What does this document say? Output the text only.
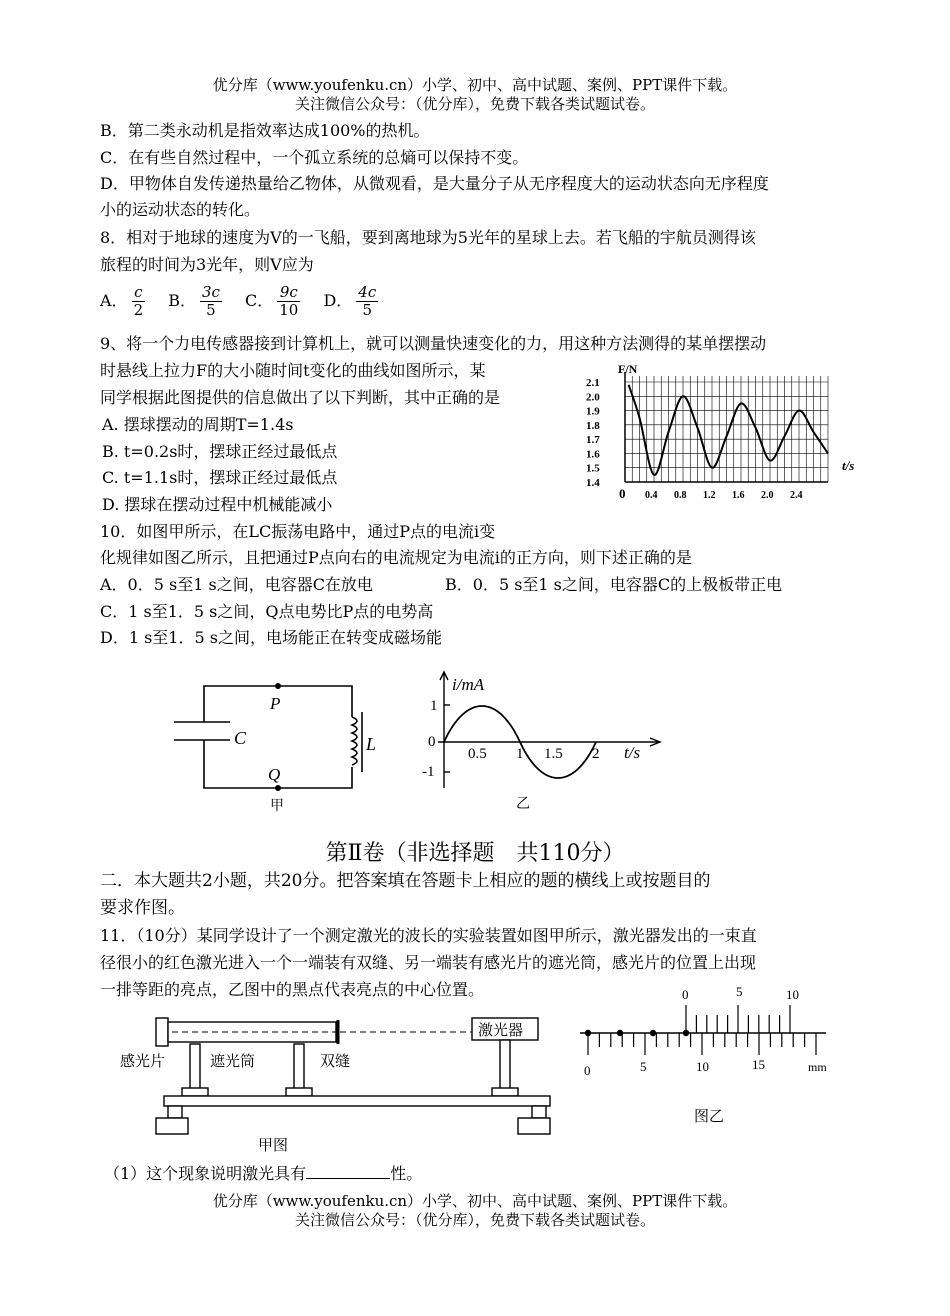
优分库（www.youfenku.cn）小学、初中、高中试题、案例、PPT课件下载。
关注微信公众号：（优分库），免费下载各类试题试卷。
B．第二类永动机是指效率达成100%的热机。
C．在有些自然过程中，一个孤立系统的总熵可以保持不变。
D．甲物体自发传递热量给乙物体，从微观看，是大量分子从无序程度大的运动状态向无序程度
小的运动状态的转化。
8．相对于地球的速度为V的一飞船，要到离地球为5光年的星球上去。若飞船的宇航员测得该
旅程的时间为3光年，则V应为
A． $\frac{c}{2}$ B． $\frac{3c}{5}$ C． $\frac{9c}{10}$ D． $\frac{4c}{5}$
9、将一个力电传感器接到计算机上，就可以测量快速变化的力，用这种方法测得的某单摆摆动
时悬线上拉力F的大小随时间t变化的曲线如图所示，某
同学根据此图提供的信息做出了以下判断，其中正确的是
A. 摆球摆动的周期T=1.4s
B. t=0.2s时，摆球正经过最低点
C. t=1.1s时，摆球正经过最低点
D. 摆球在摆动过程中机械能减小
2.1
2.0
1.9
1.8
1.7
1.6
1.5
1.4
0 0.4 0.8 1.2 1.6 2.0 2.4
F/N
t/s
10．如图甲所示，在LC振荡电路中，通过P点的电流i变
化规律如图乙所示，且把通过P点向右的电流规定为电流i的正方向，则下述正确的是
A．0．5 s至1 s之间，电容器C在放电	B．0．5 s至1 s之间，电容器C的上极板带正电
C．1 s至1．5 s之间，Q点电势比P点的电势高
D．1 s至1．5 s之间，电场能正在转变成磁场能
P
Q
C	L
甲
i/mA
1
0
-1
0.5 1 1.5 2 t/s
乙
第Ⅱ卷（非选择题　共110分）
二．本大题共2小题，共20分。把答案填在答题卡上相应的题的横线上或按题目的
要求作图。
11．（10分）某同学设计了一个测定激光的波长的实验装置如图甲所示，激光器发出的一束直
径很小的红色激光进入一个一端装有双缝、另一端装有感光片的遮光筒，感光片的位置上出现
一排等距的亮点，乙图中的黑点代表亮点的中心位置。
激光器
感光片	遮光筒	双缝
甲图
0	5	10
0	5	10	15	mm
图乙
（1）这个现象说明激光具有	性。
优分库（www.youfenku.cn）小学、初中、高中试题、案例、PPT课件下载。
关注微信公众号：（优分库），免费下载各类试题试卷。
